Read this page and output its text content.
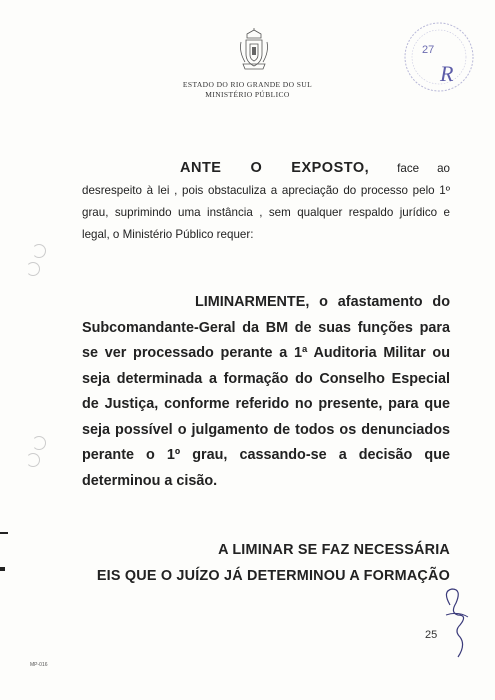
ESTADO DO RIO GRANDE DO SUL
MINISTÉRIO PÚBLICO
27
R
ANTE O EXPOSTO, face ao desrespeito à lei , pois obstaculiza a apreciação do processo pelo 1º grau, suprimindo uma instância , sem qualquer respaldo jurídico e legal, o Ministério Público requer:
LIMINARMENTE, o afastamento do Subcomandante-Geral da BM de suas funções para se ver processado perante a 1ª Auditoria Militar ou seja determinada a formação do Conselho Especial de Justiça, conforme referido no presente, para que seja possível o julgamento de todos os denunciados perante o 1º grau, cassando-se a decisão que determinou a cisão.
A LIMINAR SE FAZ NECESSÁRIA
EIS QUE O JUÍZO JÁ DETERMINOU A FORMAÇÃO
25
MP-016
